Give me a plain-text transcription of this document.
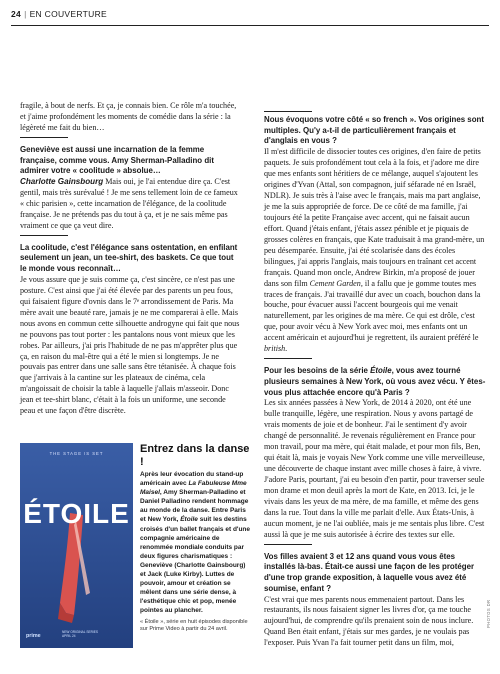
24 | EN COUVERTURE

fragile, à bout de nerfs. Et ça, je connais bien. Ce rôle m'a touchée, et j'aime profondément les moments de comédie dans la série : la légèreté me fait du bien…

Geneviève est aussi une incarnation de la femme française, comme vous. Amy Sherman-Palladino dit admirer votre « coolitude » absolue…

Charlotte Gainsbourg Mais oui, je l'ai entendue dire ça. C'est gentil, mais très surévalué ! Je me sens tellement loin de ce fameux « chic parisien », cette incarnation de l'élégance, de la coolitude française. Je ne prétends pas du tout à ça, et je ne sais même pas vraiment ce que ça veut dire.

La coolitude, c'est l'élégance sans ostentation, en enfilant seulement un jean, un tee-shirt, des baskets. Ce que tout le monde vous reconnaît…

Je vous assure que je suis comme ça, c'est sincère, ce n'est pas une posture. C'est ainsi que j'ai été élevée par des parents un peu fous, qui faisaient figure d'ovnis dans le 7ᵉ arrondissement de Paris. Ma mère avait une beauté rare, jamais je ne me comparerai à elle. Mais nous avons en commun cette silhouette androgyne qui fait que nous ne pouvons pas tout porter : les pantalons nous vont mieux que les robes. Par ailleurs, j'ai pris l'habitude de ne pas m'apprêter plus que ça, en raison du mal-être qui a été le mien si longtemps. Je ne pouvais pas entrer dans une salle sans être tétanisée. À chaque fois que j'arrivais à la cantine sur les plateaux de cinéma, cela m'angoissait de choisir la table à laquelle j'allais m'asseoir. Donc jean et tee-shirt blanc, c'était à la fois un uniforme, une seconde peau et une façon d'être discrète.

Nous évoquons votre côté « so french ». Vos origines sont multiples. Qu'y a-t-il de particulièrement français et d'anglais en vous ?

Il m'est difficile de dissocier toutes ces origines, d'en faire de petits paquets. Je suis profondément tout cela à la fois, et j'adore me dire que mes enfants sont héritiers de ce mélange, auquel s'ajoutent les origines d'Yvan (Attal, son compagnon, juif séfarade né en Israël, NDLR). Je suis très à l'aise avec le français, mais ma part anglaise, je me la suis appropriée de force. De ce côté de ma famille, j'ai toujours été la petite Française avec accent, qui ne faisait aucun effort. Quand j'étais enfant, j'étais assez pénible et je piquais de grosses colères en français, que Kate traduisait à ma grand-mère, un peu désemparée. Ensuite, j'ai été scolarisée dans des écoles bilingues, j'ai appris l'anglais, mais toujours en traînant cet accent français. Quand mon oncle, Andrew Birkin, m'a proposé de jouer dans son film Cement Garden, il a fallu que je gomme toutes mes traces de français. J'ai travaillé dur avec un coach, bouchon dans la bouche, pour évacuer aussi l'accent bourgeois qui me venait naturellement, par les origines de ma mère. Ce qui est drôle, c'est que, pour avoir vécu à New York avec moi, mes enfants ont un accent américain et aujourd'hui je regrettent, ils auraient préféré le british.

Pour les besoins de la série Étoile, vous avez tourné plusieurs semaines à New York, où vous avez vécu. Y êtes-vous plus attachée encore qu'à Paris ?

Les six années passées à New York, de 2014 à 2020, ont été une bulle tranquille, légère, une respiration. Nous y avons partagé de vrais moments de joie et de bonheur. J'ai le sentiment d'y avoir changé de personnalité. Je revenais régulièrement en France pour mon travail, pour ma mère, qui était malade, et pour mon fils, Ben, qui était là, mais je voyais New York comme une ville merveilleuse, une découverte de chaque instant avec mille choses à faire, à vivre. J'adore Paris, pourtant, j'ai eu besoin d'en partir, pour traverser seule mon drame et mon deuil après la mort de Kate, en 2013. Ici, je le vivais dans les yeux de ma mère, de ma famille, et même des gens dans la rue. Tout dans la ville me parlait d'elle. Aux États-Unis, à aucun moment, je ne l'ai oubliée, mais je me sentais plus libre. C'est aussi là que je me suis autorisée à écrire des textes sur elle.

Vos filles avaient 3 et 12 ans quand vous vous êtes installés là-bas. Était-ce aussi une façon de les protéger d'une trop grande exposition, à laquelle vous avez été soumise, enfant ?

C'est vrai que mes parents nous emmenaient partout. Dans les restaurants, ils nous faisaient signer les livres d'or, ça me touche aujourd'hui, de comprendre qu'ils prenaient soin de nous inclure. Quand Ben était enfant, j'étais sur mes gardes, je ne voulais pas l'exposer. Puis Yvan l'a fait tourner petit dans un film, moi,

THE STAGE IS SET
ÉTOILE
prime
NEW ORIGINAL SERIES
APRIL 24
Entrez dans la danse !

Après leur évocation du stand-up américain avec La Fabuleuse Mme Maisel, Amy Sherman-Palladino et Daniel Palladino rendent hommage au monde de la danse. Entre Paris et New York, Étoile suit les destins croisés d'un ballet français et d'une compagnie américaine de renommée mondiale conduits par deux figures charismatiques : Geneviève (Charlotte Gainsbourg) et Jack (Luke Kirby). Luttes de pouvoir, amour et création se mêlent dans une série dense, à l'esthétique chic et pop, menée pointes au plancher.

« Étoile », série en huit épisodes disponible sur Prime Video à partir du 24 avril.
PHOTOS DR
